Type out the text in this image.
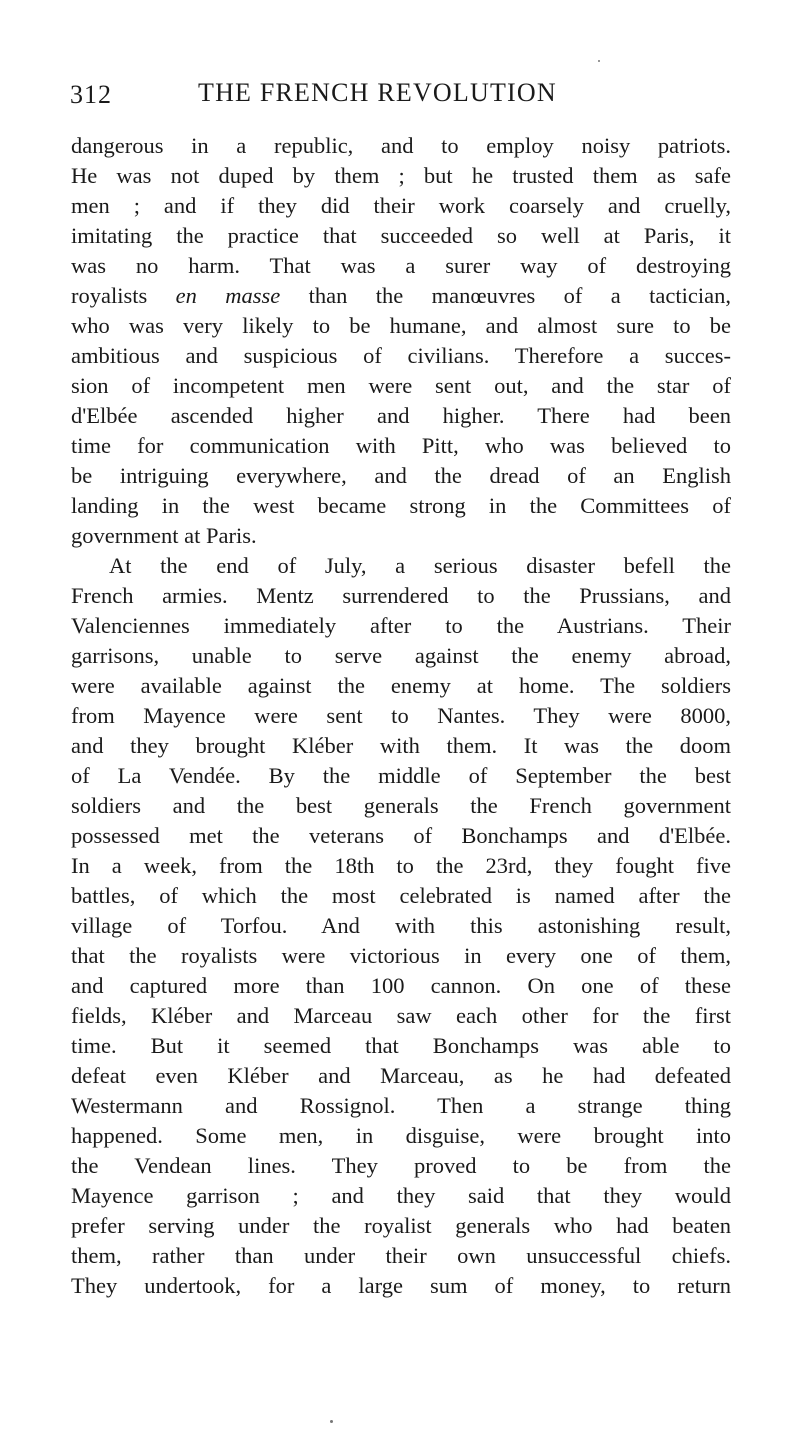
312	THE FRENCH REVOLUTION
dangerous in a republic, and to employ noisy patriots.
He was not duped by them ; but he trusted them as safe
men ; and if they did their work coarsely and cruelly,
imitating the practice that succeeded so well at Paris, it
was no harm. That was a surer way of destroying
royalists en masse than the manœuvres of a tactician,
who was very likely to be humane, and almost sure to be
ambitious and suspicious of civilians. Therefore a succes-
sion of incompetent men were sent out, and the star of
d'Elbée ascended higher and higher. There had been
time for communication with Pitt, who was believed to
be intriguing everywhere, and the dread of an English
landing in the west became strong in the Committees of
government at Paris.
At the end of July, a serious disaster befell the
French armies. Mentz surrendered to the Prussians, and
Valenciennes immediately after to the Austrians. Their
garrisons, unable to serve against the enemy abroad,
were available against the enemy at home. The soldiers
from Mayence were sent to Nantes. They were 8000,
and they brought Kléber with them. It was the doom
of La Vendée. By the middle of September the best
soldiers and the best generals the French government
possessed met the veterans of Bonchamps and d'Elbée.
In a week, from the 18th to the 23rd, they fought five
battles, of which the most celebrated is named after the
village of Torfou. And with this astonishing result,
that the royalists were victorious in every one of them,
and captured more than 100 cannon. On one of these
fields, Kléber and Marceau saw each other for the first
time. But it seemed that Bonchamps was able to
defeat even Kléber and Marceau, as he had defeated
Westermann and Rossignol. Then a strange thing
happened. Some men, in disguise, were brought into
the Vendean lines. They proved to be from the
Mayence garrison ; and they said that they would
prefer serving under the royalist generals who had beaten
them, rather than under their own unsuccessful chiefs.
They undertook, for a large sum of money, to return
